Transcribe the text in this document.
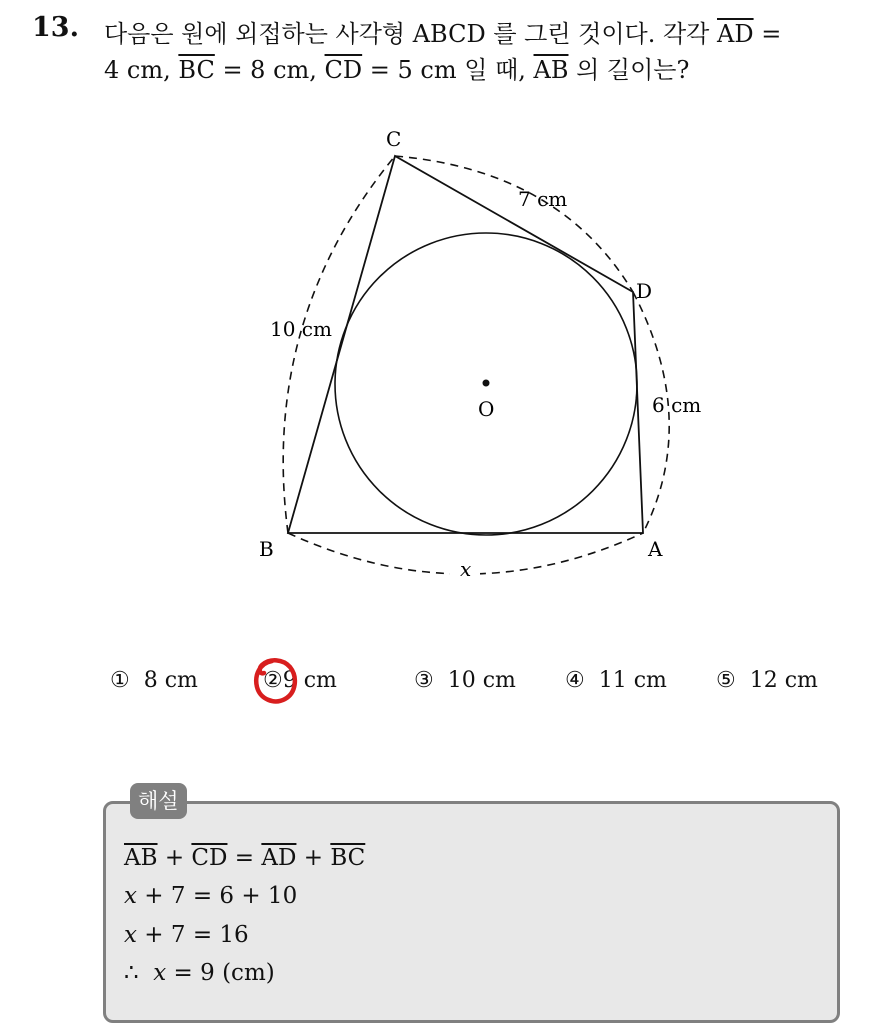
13. 다음은 원에 외접하는 사각형 ABCD 를 그린 것이다. 각각 $\overline{AD}$ =
4 cm, $\overline{BC} = 8$ cm, $\overline{CD} = 5$ cm 일 때, $\overline{AB}$ 의 길이는?
C
D
B	A
O
7 cm
10 cm
6 cm
x
① 8 cm	②9 cm	③ 10 cm ④ 11 cm ⑤ 12 cm
해설
$\overline{AB} + \overline{CD} = \overline{AD} + \overline{BC}$
x + 7 = 6 + 10
x + 7 = 16
∴ x = 9 (cm)
